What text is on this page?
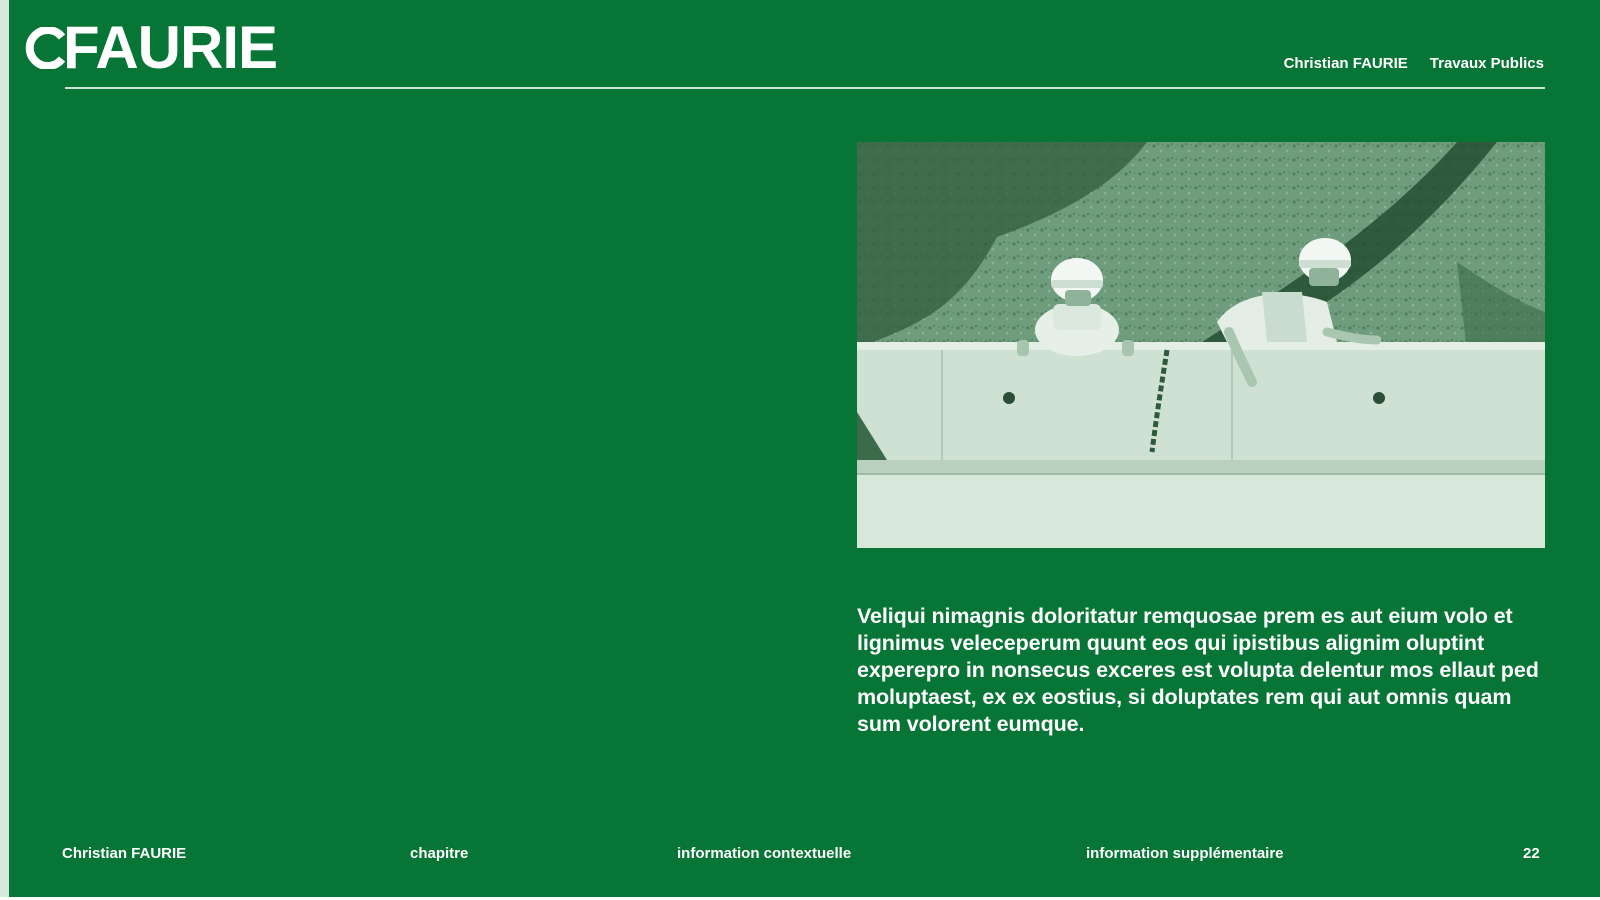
FAURIE	Christian FAURIE Travaux Publics
Veliqui nimagnis doloritatur remquosae prem es aut eium volo et lignimus veleceperum quunt eos qui ipistibus alignim oluptint experepro in nonsecus exceres est volupta delentur mos ellaut ped moluptaest, ex ex eostius, si doluptates rem qui aut omnis quam sum volorent eumque.
Christian FAURIE	chapitre	information contextuelle	information supplémentaire	22
